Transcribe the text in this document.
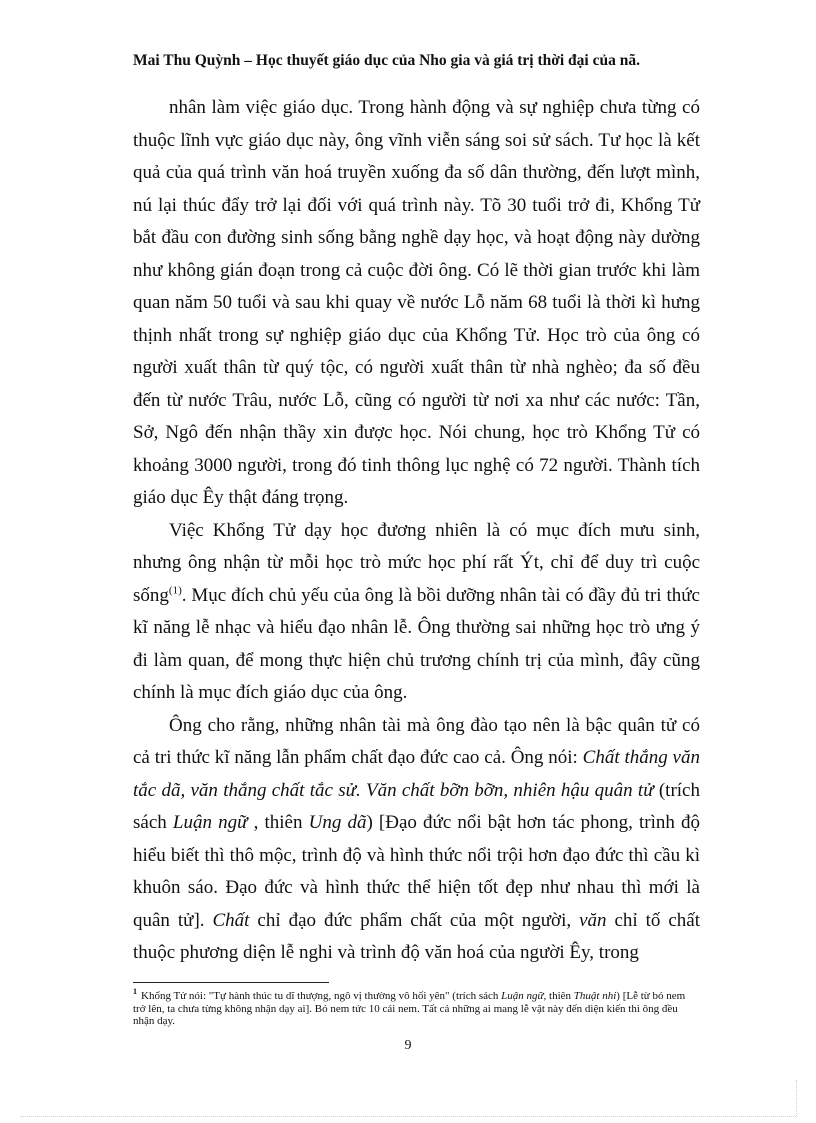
Mai Thu Quỳnh – Học thuyết giáo dục của Nho gia và giá trị thời đại của nã.

nhân làm việc giáo dục. Trong hành động và sự nghiệp chưa từng có thuộc lĩnh vực giáo dục này, ông vĩnh viễn sáng soi sử sách. Tư học là kết quả của quá trình văn hoá truyền xuống đa số dân thường, đến lượt mình, nú lại thúc đẩy trở lại đối với quá trình này. Tõ 30 tuổi trở đi, Khổng Tử bắt đầu con đường sinh sống bằng nghề dạy học, và hoạt động này dường như không gián đoạn trong cả cuộc đời ông. Có lẽ thời gian trước khi làm quan năm 50 tuổi và sau khi quay về nước Lỗ năm 68 tuổi là thời kì hưng thịnh nhất trong sự nghiệp giáo dục của Khổng Tử. Học trò của ông có người xuất thân từ quý tộc, có người xuất thân từ nhà nghèo; đa số đều đến từ nước Trâu, nước Lỗ, cũng có người từ nơi xa như các nước: Tần, Sở, Ngô đến nhận thầy xin được học. Nói chung, học trò Khổng Tử có khoảng 3000 người, trong đó tinh thông lục nghệ có 72 người. Thành tích giáo dục Êy thật đáng trọng.

Việc Khổng Tử dạy học đương nhiên là có mục đích mưu sinh, nhưng ông nhận từ mỗi học trò mức học phí rất Ýt, chỉ để duy trì cuộc sống$^{(1)}$. Mục đích chủ yếu của ông là bồi dưỡng nhân tài có đầy đủ tri thức kĩ năng lễ nhạc và hiểu đạo nhân lễ. Ông thường sai những học trò ưng ý đi làm quan, để mong thực hiện chủ trương chính trị của mình, đây cũng chính là mục đích giáo dục của ông.

Ông cho rằng, những nhân tài mà ông đào tạo nên là bậc quân tử có cả tri thức kĩ năng lẫn phẩm chất đạo đức cao cả. Ông nói: Chất thắng văn tắc dã, văn thắng chất tắc sử. Văn chất bỡn bỡn, nhiên hậu quân tử (trích sách Luận ngữ , thiên Ung dã) [Đạo đức nổi bật hơn tác phong, trình độ hiểu biết thì thô mộc, trình độ và hình thức nổi trội hơn đạo đức thì cầu kì khuôn sáo. Đạo đức và hình thức thể hiện tốt đẹp như nhau thì mới là quân tử]. Chất chỉ đạo đức phẩm chất của một người, văn chỉ tố chất thuộc phương diện lễ nghi và trình độ văn hoá của người Êy, trong

$^1$ Khổng Tử nói: "Tự hành thúc tu dĩ thượng, ngô vị thường vô hối yên" (trích sách Luận ngữ, thiên Thuật nhi) [Lễ từ bó nem trở lên, ta chưa từng không nhận dạy ai]. Bó nem tức 10 cái nem. Tất cả những ai mang lễ vật này đến diện kiến thì ông đều nhận dạy.
9
